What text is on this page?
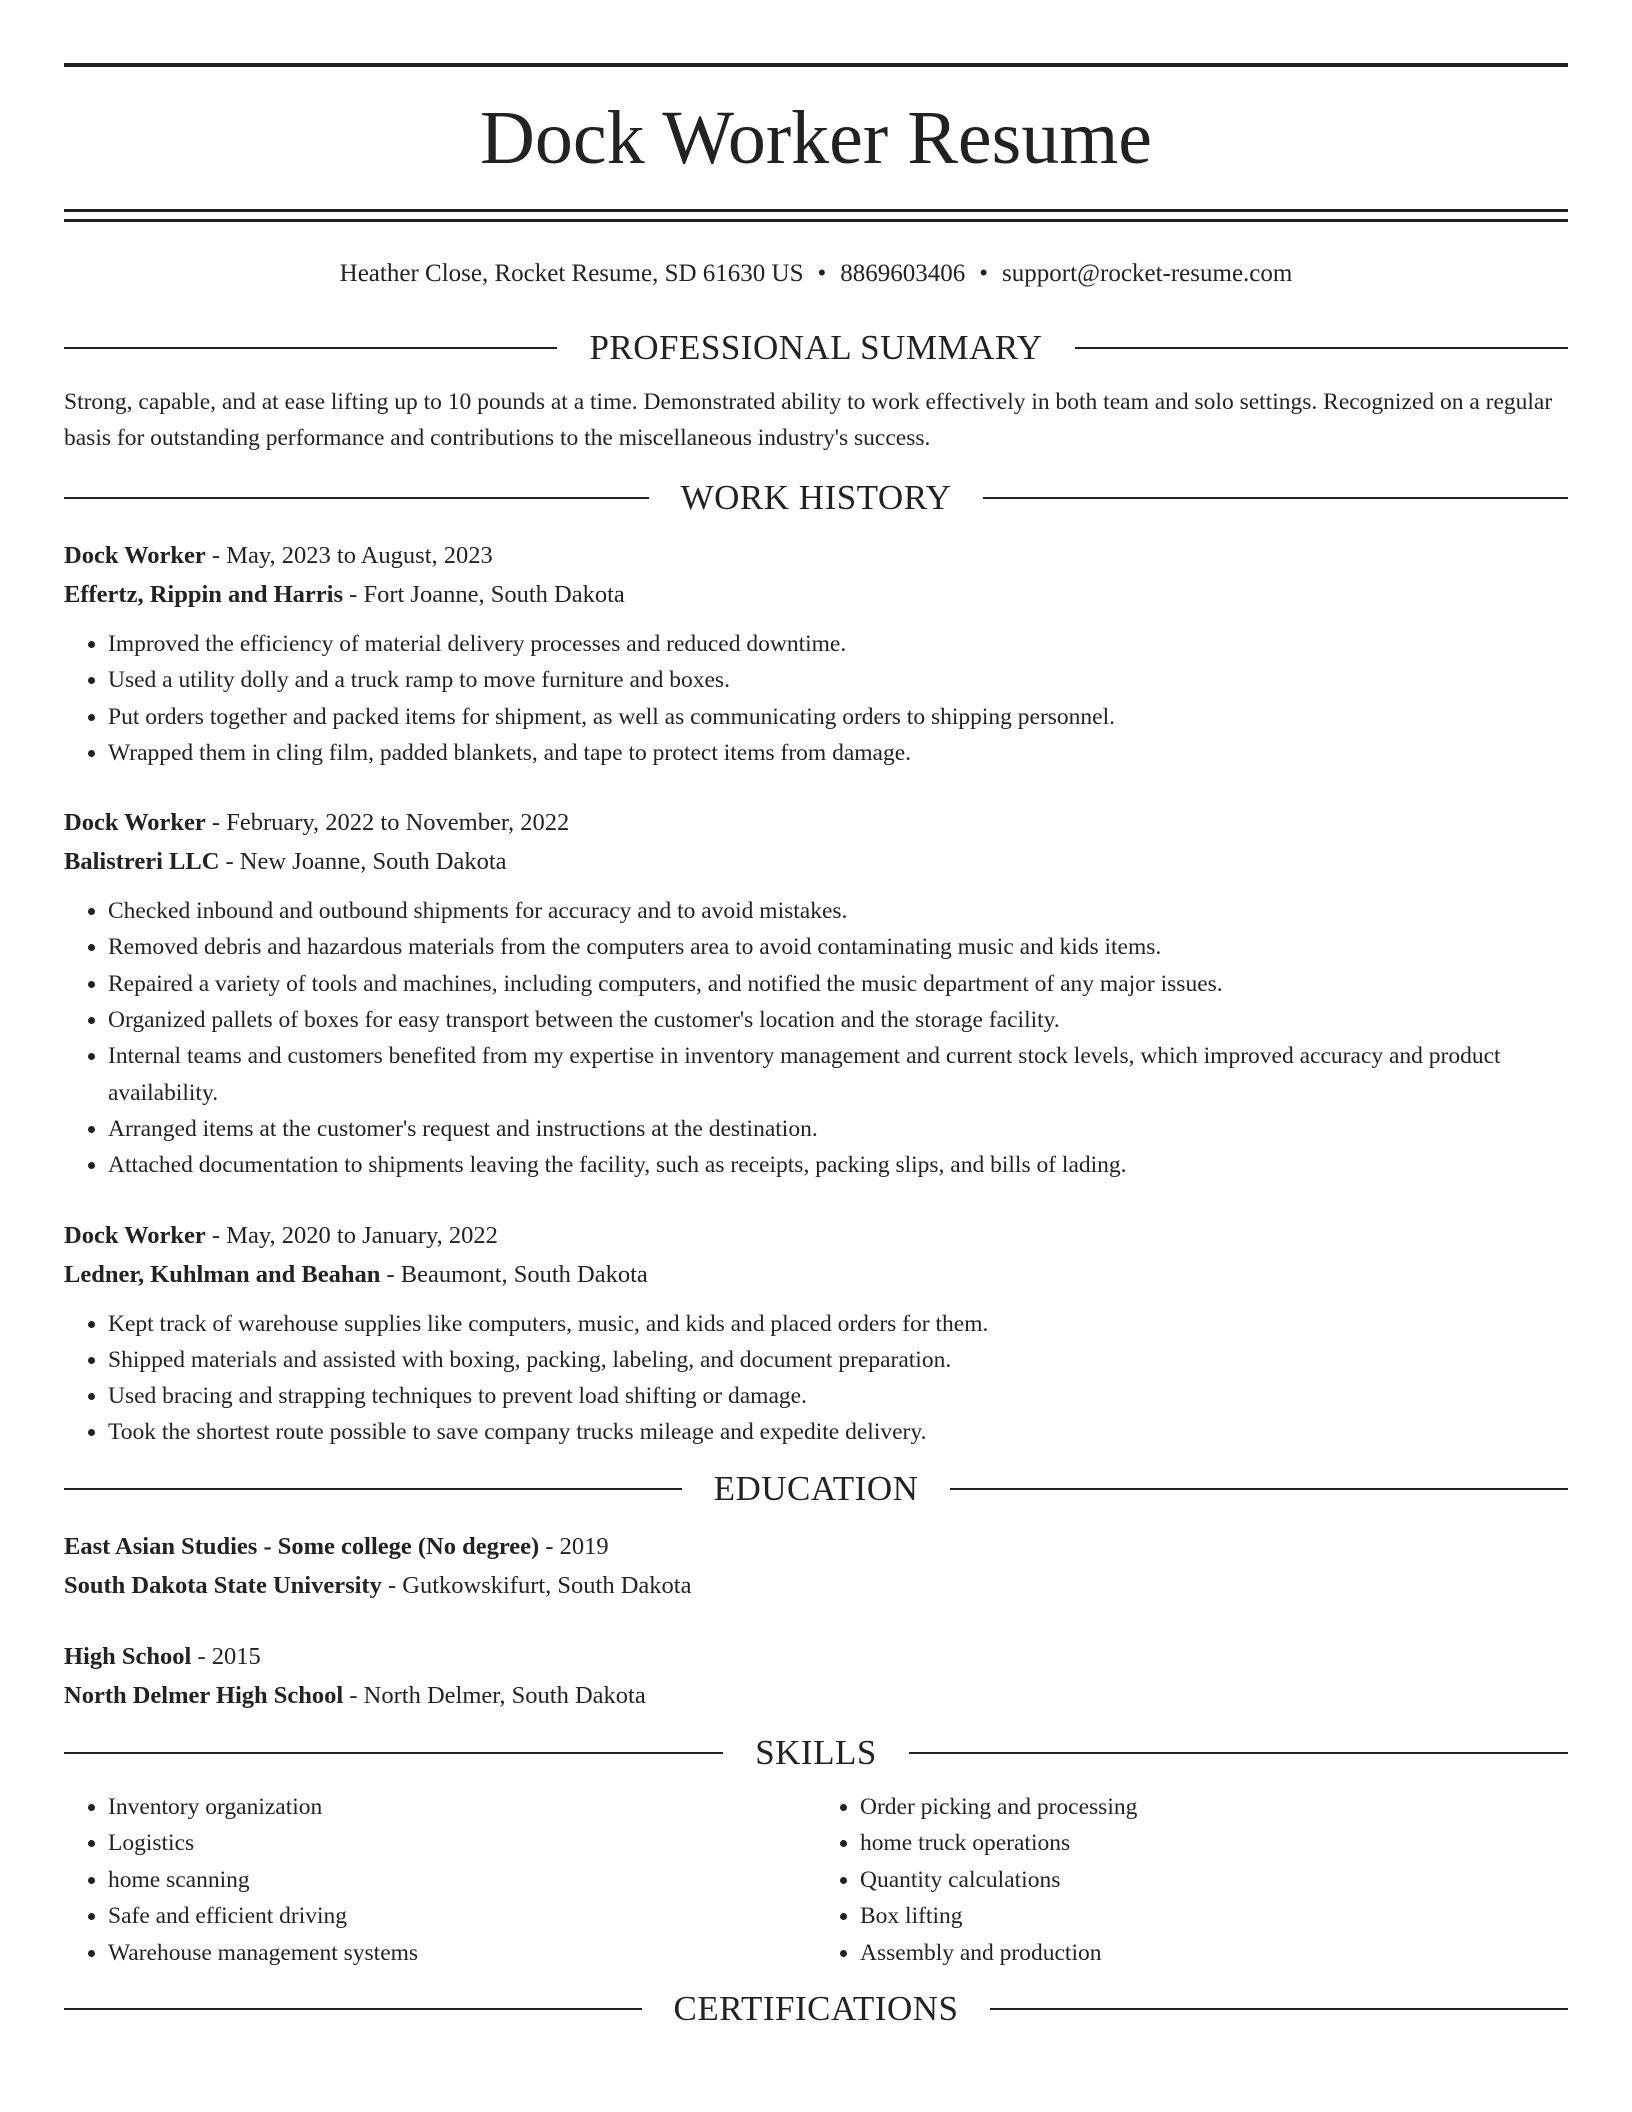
Dock Worker Resume
Heather Close, Rocket Resume, SD 61630 US • 8869603406 • support@rocket-resume.com
PROFESSIONAL SUMMARY
Strong, capable, and at ease lifting up to 10 pounds at a time. Demonstrated ability to work effectively in both team and solo settings. Recognized on a regular basis for outstanding performance and contributions to the miscellaneous industry's success.
WORK HISTORY
Dock Worker - May, 2023 to August, 2023
Effertz, Rippin and Harris - Fort Joanne, South Dakota
• Improved the efficiency of material delivery processes and reduced downtime.
• Used a utility dolly and a truck ramp to move furniture and boxes.
• Put orders together and packed items for shipment, as well as communicating orders to shipping personnel.
• Wrapped them in cling film, padded blankets, and tape to protect items from damage.
Dock Worker - February, 2022 to November, 2022
Balistreri LLC - New Joanne, South Dakota
• Checked inbound and outbound shipments for accuracy and to avoid mistakes.
• Removed debris and hazardous materials from the computers area to avoid contaminating music and kids items.
• Repaired a variety of tools and machines, including computers, and notified the music department of any major issues.
• Organized pallets of boxes for easy transport between the customer's location and the storage facility.
• Internal teams and customers benefited from my expertise in inventory management and current stock levels, which improved accuracy and product availability.
• Arranged items at the customer's request and instructions at the destination.
• Attached documentation to shipments leaving the facility, such as receipts, packing slips, and bills of lading.
Dock Worker - May, 2020 to January, 2022
Ledner, Kuhlman and Beahan - Beaumont, South Dakota
• Kept track of warehouse supplies like computers, music, and kids and placed orders for them.
• Shipped materials and assisted with boxing, packing, labeling, and document preparation.
• Used bracing and strapping techniques to prevent load shifting or damage.
• Took the shortest route possible to save company trucks mileage and expedite delivery.
EDUCATION
East Asian Studies - Some college (No degree) - 2019
South Dakota State University - Gutkowskifurt, South Dakota
High School - 2015
North Delmer High School - North Delmer, South Dakota
SKILLS
• Inventory organization
• Logistics
• home scanning
• Safe and efficient driving
• Warehouse management systems
• Order picking and processing
• home truck operations
• Quantity calculations
• Box lifting
• Assembly and production
CERTIFICATIONS
